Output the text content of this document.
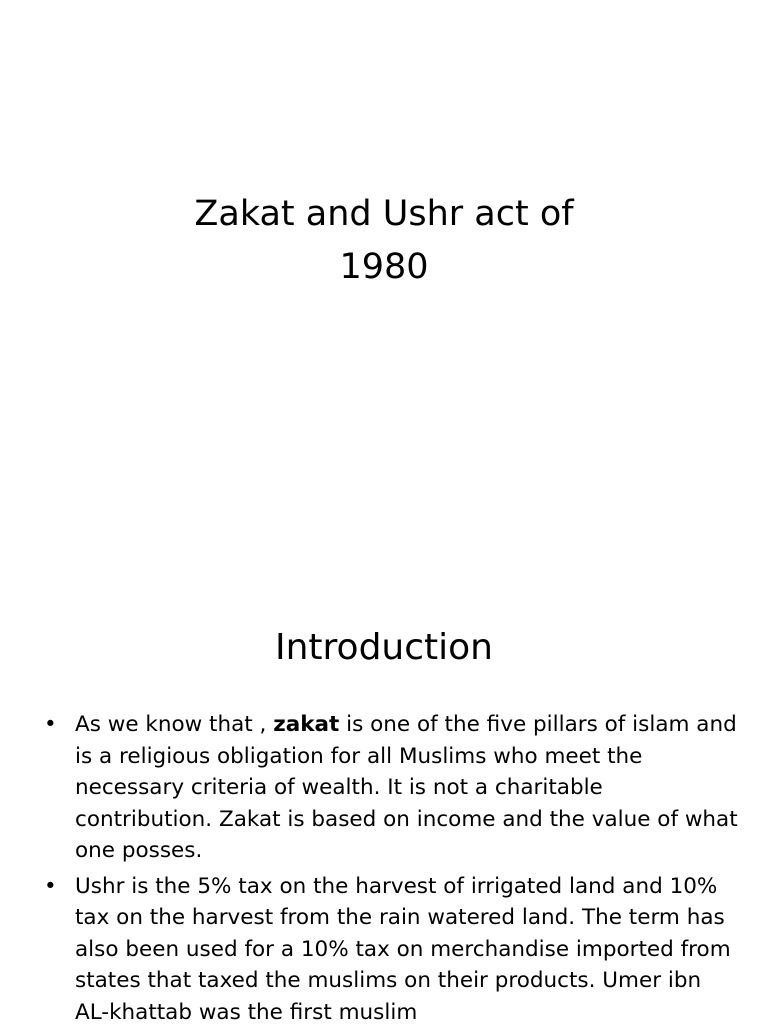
Zakat and Ushr act of
1980
Introduction
• As we know that , zakat is one of the five pillars of islam and is a religious obligation for all Muslims who meet the necessary criteria of wealth. It is not a charitable contribution. Zakat is based on income and the value of what one posses.
• Ushr is the 5% tax on the harvest of irrigated land and 10% tax on the harvest from the rain watered land. The term has also been used for a 10% tax on merchandise imported from states that taxed the muslims on their products. Umer ibn AL-khattab was the first muslim
